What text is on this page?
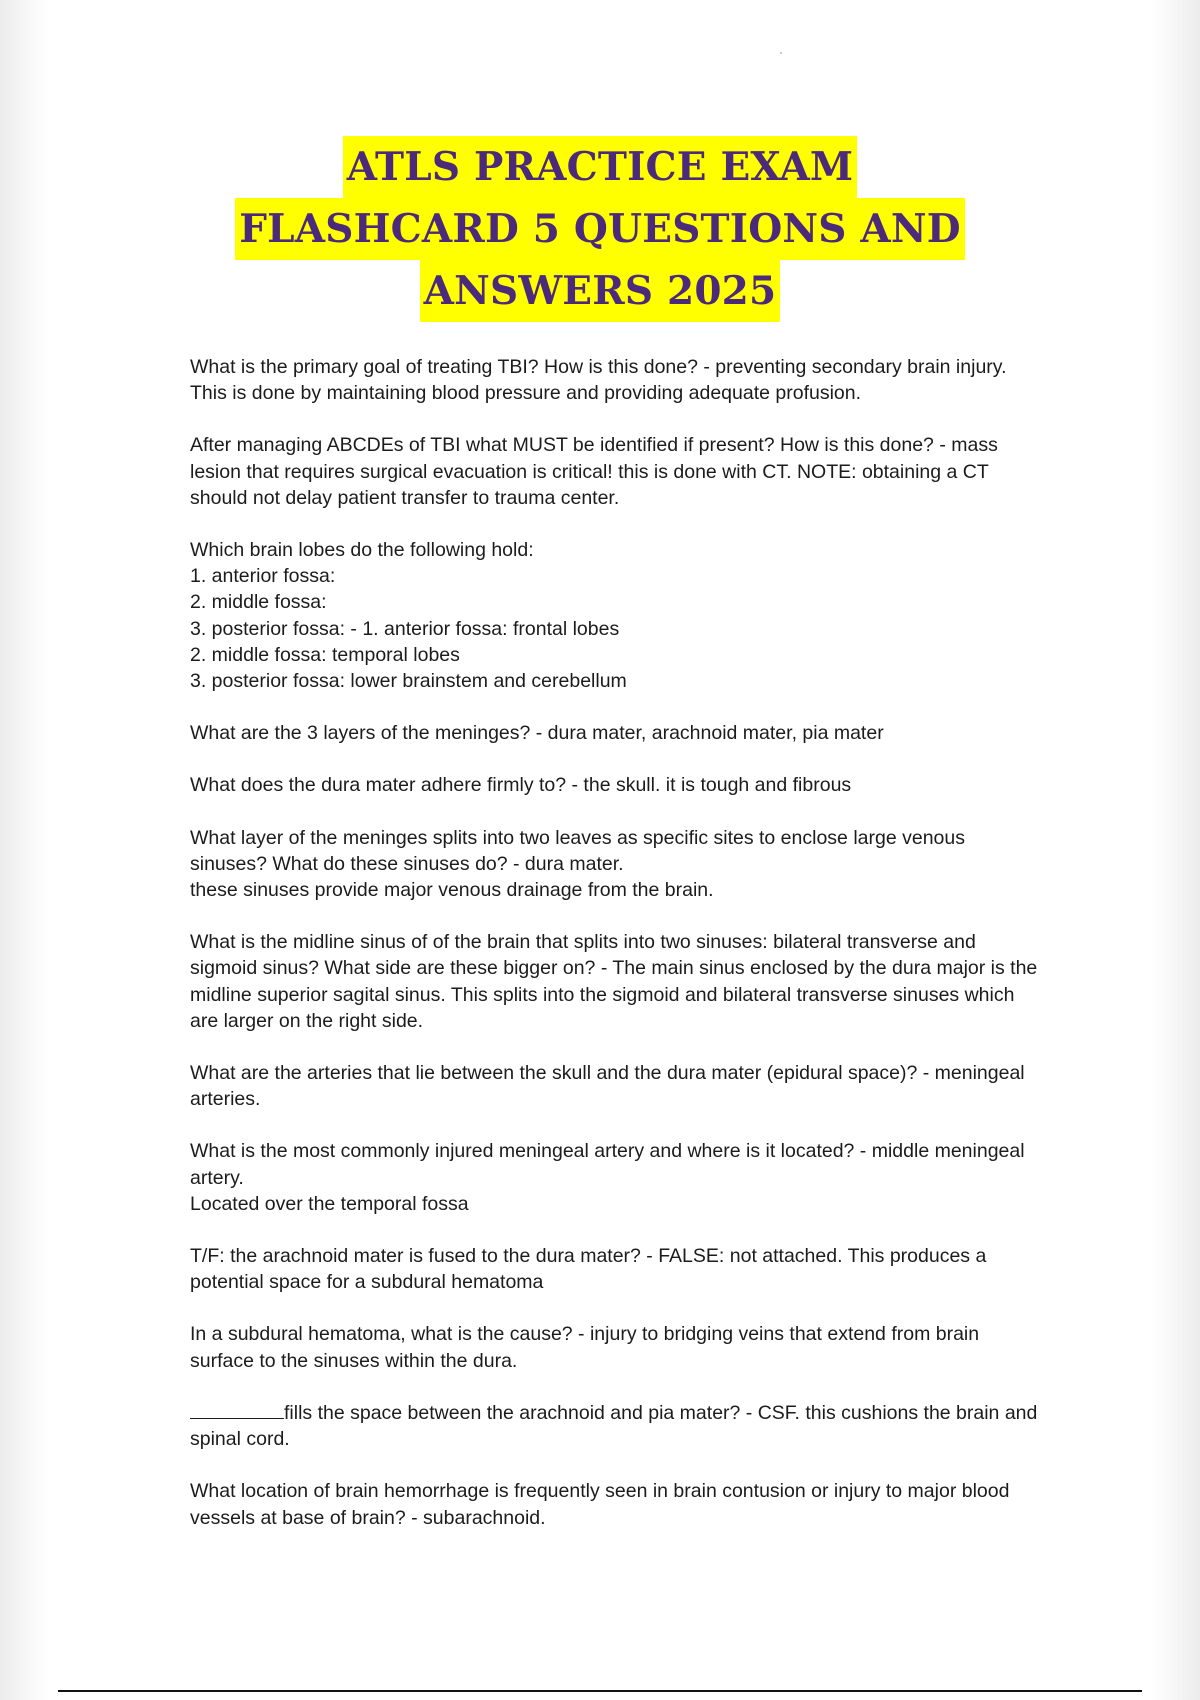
ATLS PRACTICE EXAM
FLASHCARD 5 QUESTIONS AND
ANSWERS 2025

What is the primary goal of treating TBI? How is this done? - preventing secondary brain injury. This is done by maintaining blood pressure and providing adequate profusion.

After managing ABCDEs of TBI what MUST be identified if present? How is this done? - mass lesion that requires surgical evacuation is critical! this is done with CT. NOTE: obtaining a CT should not delay patient transfer to trauma center.

Which brain lobes do the following hold:
1. anterior fossa:
2. middle fossa:
3. posterior fossa: - 1. anterior fossa: frontal lobes
2. middle fossa: temporal lobes
3. posterior fossa: lower brainstem and cerebellum

What are the 3 layers of the meninges? - dura mater, arachnoid mater, pia mater

What does the dura mater adhere firmly to? - the skull. it is tough and fibrous

What layer of the meninges splits into two leaves as specific sites to enclose large venous sinuses? What do these sinuses do? - dura mater.
these sinuses provide major venous drainage from the brain.

What is the midline sinus of of the brain that splits into two sinuses: bilateral transverse and sigmoid sinus? What side are these bigger on? - The main sinus enclosed by the dura major is the midline superior sagital sinus. This splits into the sigmoid and bilateral transverse sinuses which are larger on the right side.

What are the arteries that lie between the skull and the dura mater (epidural space)? - meningeal arteries.

What is the most commonly injured meningeal artery and where is it located? - middle meningeal artery.
Located over the temporal fossa

T/F: the arachnoid mater is fused to the dura mater? - FALSE: not attached. This produces a potential space for a subdural hematoma

In a subdural hematoma, what is the cause? - injury to bridging veins that extend from brain surface to the sinuses within the dura.

fills the space between the arachnoid and pia mater? - CSF. this cushions the brain and spinal cord.

What location of brain hemorrhage is frequently seen in brain contusion or injury to major blood vessels at base of brain? - subarachnoid.
